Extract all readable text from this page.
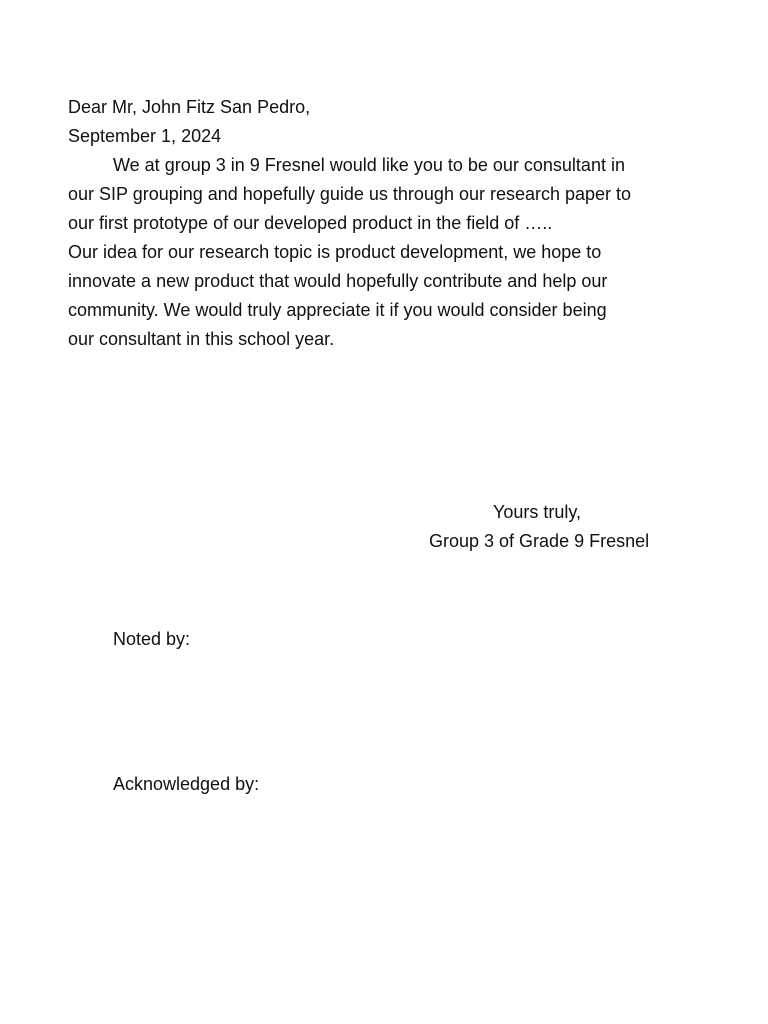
Dear Mr, John Fitz San Pedro,
September 1, 2024
We at group 3 in 9 Fresnel would like you to be our consultant in
our SIP grouping and hopefully guide us through our research paper to
our first prototype of our developed product in the field of …..
Our idea for our research topic is product development, we hope to
innovate a new product that would hopefully contribute and help our
community. We would truly appreciate it if you would consider being
our consultant in this school year.
Yours truly,
Group 3 of Grade 9 Fresnel
Noted by:
Acknowledged by:
